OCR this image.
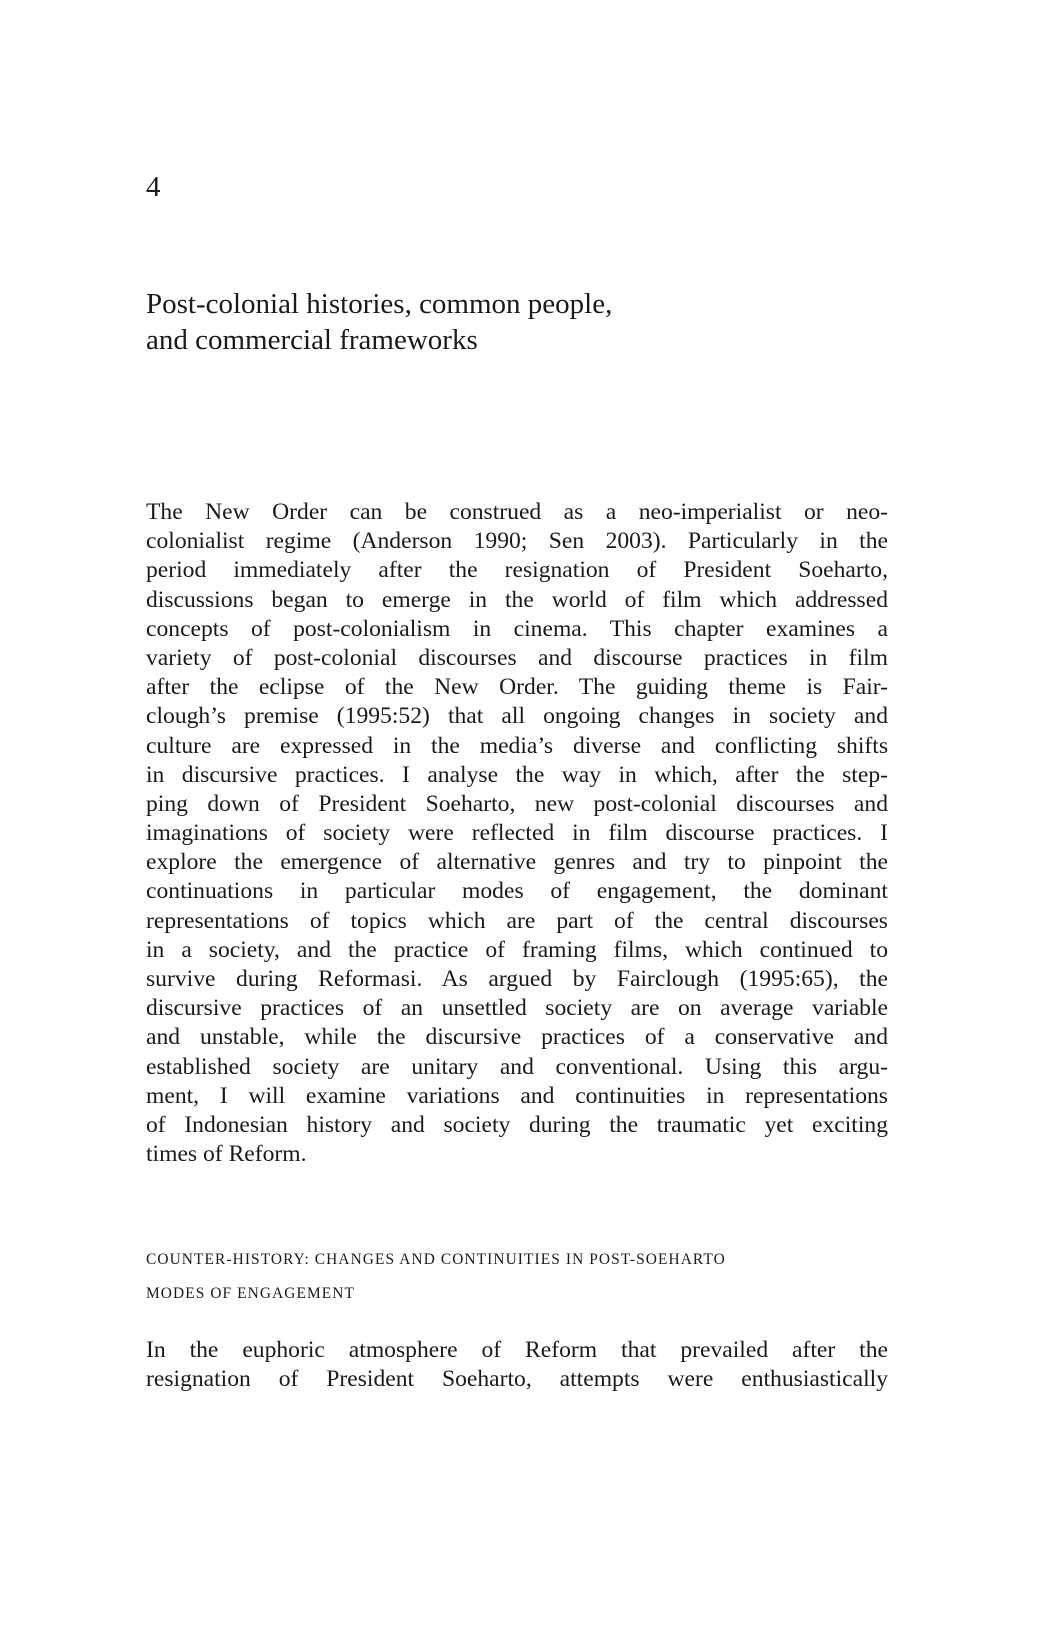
4
Post-colonial histories, common people,
and commercial frameworks

The New Order can be construed as a neo-imperialist or neo-
colonialist regime (Anderson 1990; Sen 2003). Particularly in the
period immediately after the resignation of President Soeharto,
discussions began to emerge in the world of film which addressed
concepts of post-colonialism in cinema. This chapter examines a
variety of post-colonial discourses and discourse practices in film
after the eclipse of the New Order. The guiding theme is Fair-
clough’s premise (1995:52) that all ongoing changes in society and
culture are expressed in the media’s diverse and conflicting shifts
in discursive practices. I analyse the way in which, after the step-
ping down of President Soeharto, new post-colonial discourses and
imaginations of society were reflected in film discourse practices. I
explore the emergence of alternative genres and try to pinpoint the
continuations in particular modes of engagement, the dominant
representations of topics which are part of the central discourses
in a society, and the practice of framing films, which continued to
survive during Reformasi. As argued by Fairclough (1995:65), the
discursive practices of an unsettled society are on average variable
and unstable, while the discursive practices of a conservative and
established society are unitary and conventional. Using this argu-
ment, I will examine variations and continuities in representations
of Indonesian history and society during the traumatic yet exciting
times of Reform.

COUNTER-HISTORY: CHANGES AND CONTINUITIES IN POST-SOEHARTO
MODES OF ENGAGEMENT

In the euphoric atmosphere of Reform that prevailed after the
resignation of President Soeharto, attempts were enthusiastically
